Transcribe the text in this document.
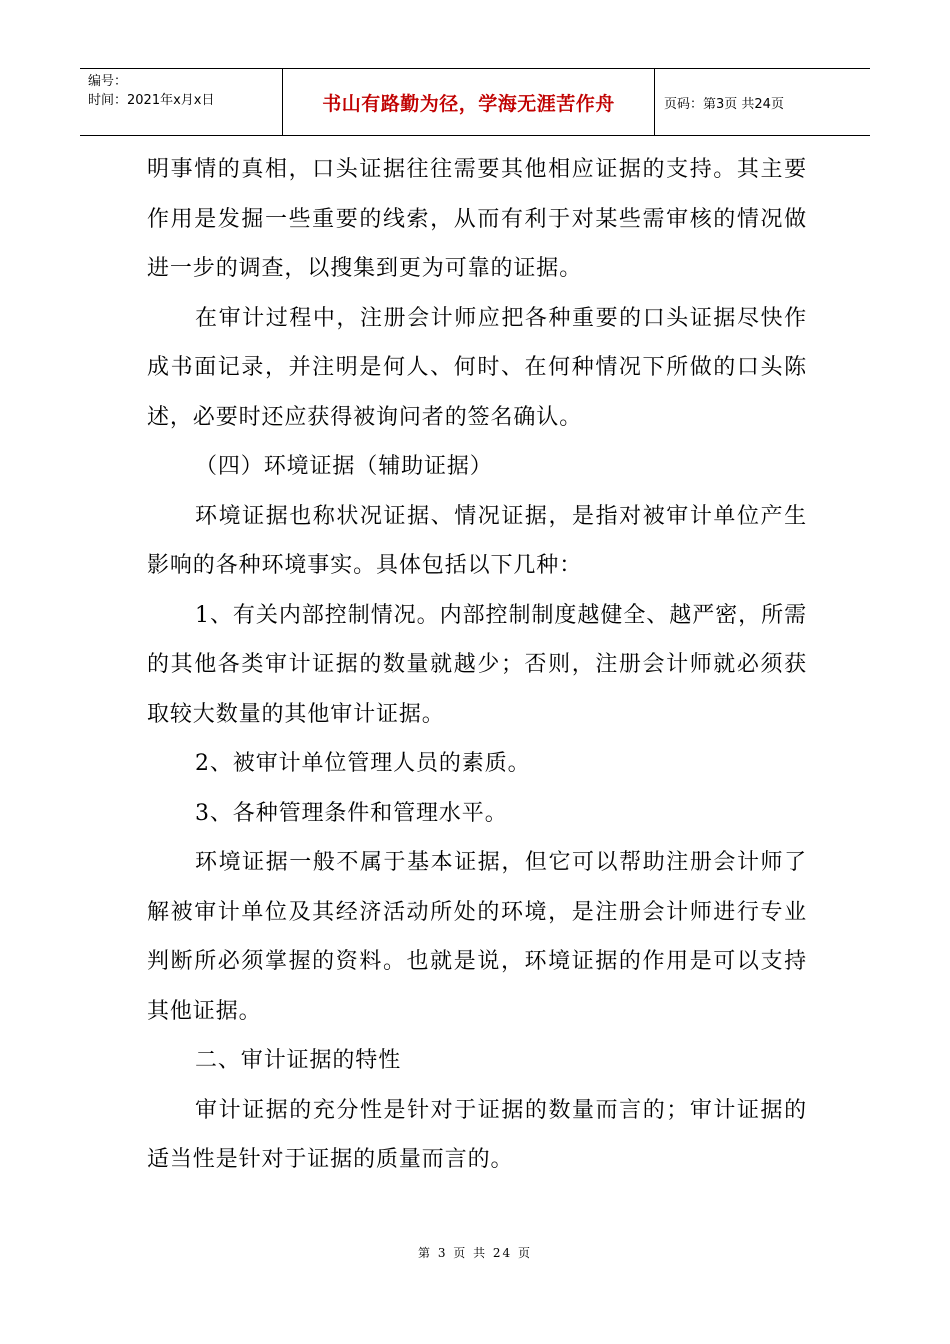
编号：
时间：2021年x月x日	书山有路勤为径，学海无涯苦作舟	页码：第3页 共24页

明事情的真相，口头证据往往需要其他相应证据的支持。其主要作用是发掘一些重要的线索，从而有利于对某些需审核的情况做进一步的调查，以搜集到更为可靠的证据。

在审计过程中，注册会计师应把各种重要的口头证据尽快作成书面记录，并注明是何人、何时、在何种情况下所做的口头陈述，必要时还应获得被询问者的签名确认。

（四）环境证据（辅助证据）

环境证据也称状况证据、情况证据，是指对被审计单位产生影响的各种环境事实。具体包括以下几种：

1、有关内部控制情况。内部控制制度越健全、越严密，所需的其他各类审计证据的数量就越少；否则，注册会计师就必须获取较大数量的其他审计证据。

2、被审计单位管理人员的素质。

3、各种管理条件和管理水平。

环境证据一般不属于基本证据，但它可以帮助注册会计师了解被审计单位及其经济活动所处的环境，是注册会计师进行专业判断所必须掌握的资料。也就是说，环境证据的作用是可以支持其他证据。

二、审计证据的特性

审计证据的充分性是针对于证据的数量而言的；审计证据的适当性是针对于证据的质量而言的。

第 3 页 共 24 页
